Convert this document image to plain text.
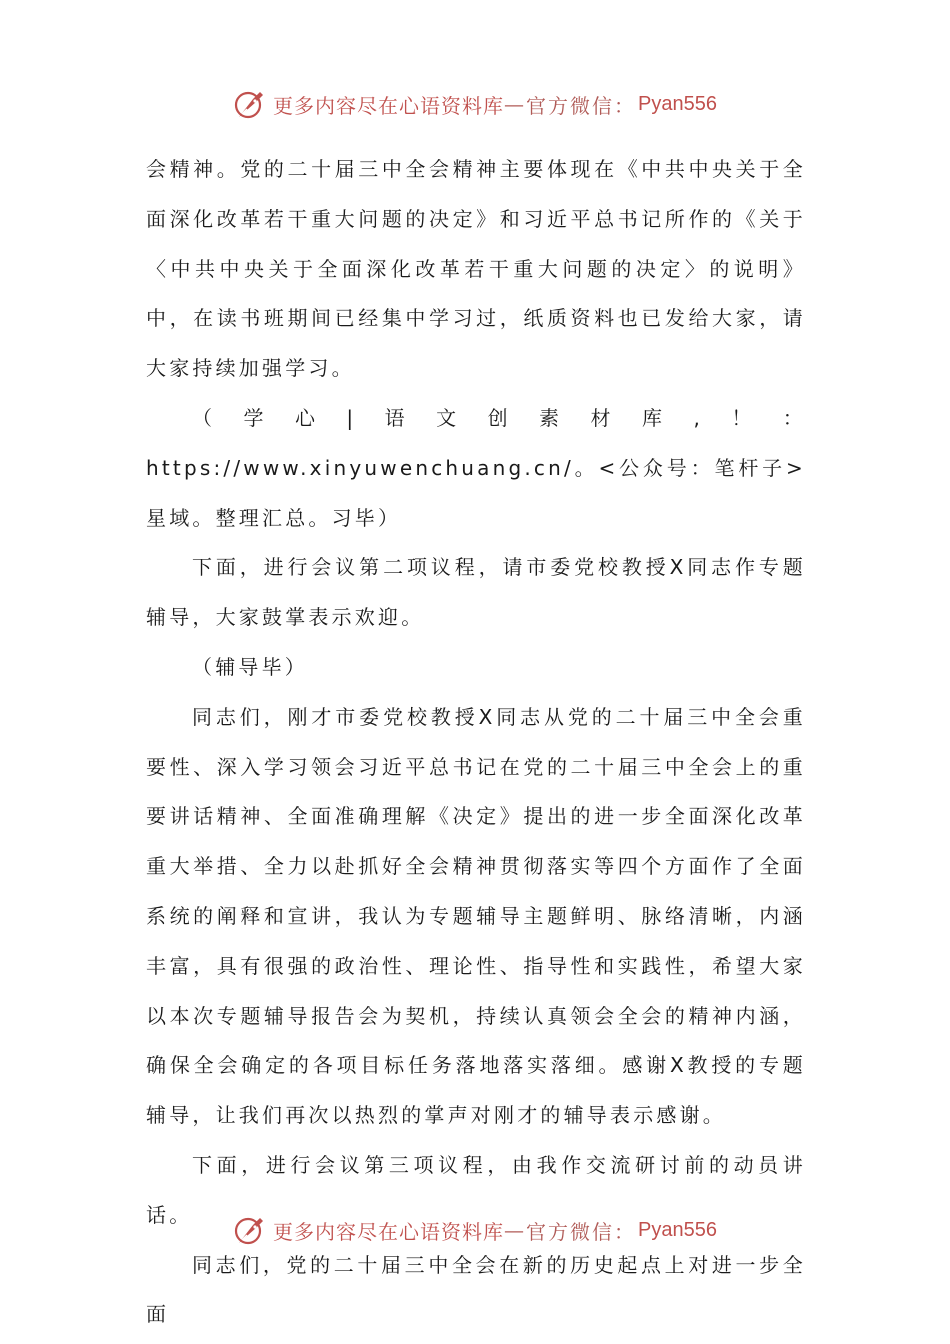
更多内容尽在心语资料库 — 官方微信： Pyan556

会精神。党的二十届三中全会精神主要体现在《中共中央关于全面深化改革若干重大问题的决定》和习近平总书记所作的《关于〈中共中央关于全面深化改革若干重大问题的决定〉的说明》中，在读书班期间已经集中学习过，纸质资料也已发给大家，请大家持续加强学习。

（学心|语文创素材库,！：https://www.xinyuwenchuang.cn/。<公众号：笔杆子>星域。整理汇总。习毕）

下面，进行会议第二项议程，请市委党校教授X同志作专题辅导，大家鼓掌表示欢迎。

（辅导毕）

同志们，刚才市委党校教授X同志从党的二十届三中全会重要性、深入学习领会习近平总书记在党的二十届三中全会上的重要讲话精神、全面准确理解《决定》提出的进一步全面深化改革重大举措、全力以赴抓好全会精神贯彻落实等四个方面作了全面系统的阐释和宣讲，我认为专题辅导主题鲜明、脉络清晰，内涵丰富，具有很强的政治性、理论性、指导性和实践性，希望大家以本次专题辅导报告会为契机，持续认真领会全会的精神内涵，确保全会确定的各项目标任务落地落实落细。感谢X教授的专题辅导，让我们再次以热烈的掌声对刚才的辅导表示感谢。

下面，进行会议第三项议程，由我作交流研讨前的动员讲话。

同志们，党的二十届三中全会在新的历史起点上对进一步全面

更多内容尽在心语资料库 — 官方微信： Pyan556
